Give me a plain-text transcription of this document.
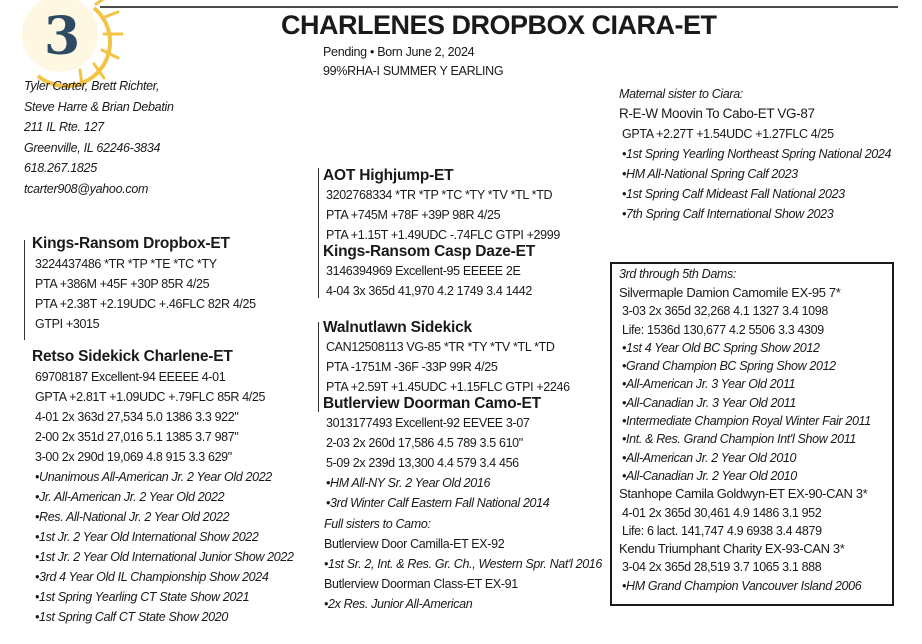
3	CHARLENES DROPBOX CIARA-ET
Pending • Born June 2, 2024
99%RHA-I SUMMER Y EARLING
Tyler Carter, Brett Richter,
Steve Harre & Brian Debatin
211 IL Rte. 127
Greenville, IL 62246-3834
618.267.1825
tcarter908@yahoo.com
Kings-Ransom Dropbox-ET
3224437486 *TR *TP *TE *TC *TY
PTA +386M +45F +30P 85R 4/25
PTA +2.38T +2.19UDC +.46FLC 82R 4/25
GTPI +3015
Retso Sidekick Charlene-ET
69708187 Excellent-94 EEEEE 4-01
GPTA +2.81T +1.09UDC +.79FLC 85R 4/25
4-01 2x 363d 27,534 5.0 1386 3.3 922"
2-00 2x 351d 27,016 5.1 1385 3.7 987"
3-00 2x 290d 19,069 4.8 915 3.3 629"
•Unanimous All-American Jr. 2 Year Old 2022
•Jr. All-American Jr. 2 Year Old 2022
•Res. All-National Jr. 2 Year Old 2022
•1st Jr. 2 Year Old International Show 2022
•1st Jr. 2 Year Old International Junior Show 2022
•3rd 4 Year Old IL Championship Show 2024
•1st Spring Yearling CT State Show 2021
•1st Spring Calf CT State Show 2020
AOT Highjump-ET
3202768334 *TR *TP *TC *TY *TV *TL *TD
PTA +745M +78F +39P 98R 4/25
PTA +1.15T +1.49UDC -.74FLC GTPI +2999
Kings-Ransom Casp Daze-ET
3146394969 Excellent-95 EEEEE 2E
4-04 3x 365d 41,970 4.2 1749 3.4 1442
Walnutlawn Sidekick
CAN12508113 VG-85 *TR *TY *TV *TL *TD
PTA -1751M -36F -33P 99R 4/25
PTA +2.59T +1.45UDC +1.15FLC GTPI +2246
Butlerview Doorman Camo-ET
3013177493 Excellent-92 EEVEE 3-07
2-03 2x 260d 17,586 4.5 789 3.5 610"
5-09 2x 239d 13,300 4.4 579 3.4 456
•HM All-NY Sr. 2 Year Old 2016
•3rd Winter Calf Eastern Fall National 2014
Full sisters to Camo:
Butlerview Door Camilla-ET EX-92
•1st Sr. 2, Int. & Res. Gr. Ch., Western Spr. Nat'l 2016
Butlerview Doorman Class-ET EX-91
•2x Res. Junior All-American
Maternal sister to Ciara:
R-E-W Moovin To Cabo-ET VG-87
GPTA +2.27T +1.54UDC +1.27FLC 4/25
•1st Spring Yearling Northeast Spring National 2024
•HM All-National Spring Calf 2023
•1st Spring Calf Mideast Fall National 2023
•7th Spring Calf International Show 2023
3rd through 5th Dams:
Silvermaple Damion Camomile EX-95 7*
3-03 2x 365d 32,268 4.1 1327 3.4 1098
Life: 1536d 130,677 4.2 5506 3.3 4309
•1st 4 Year Old BC Spring Show 2012
•Grand Champion BC Spring Show 2012
•All-American Jr. 3 Year Old 2011
•All-Canadian Jr. 3 Year Old 2011
•Intermediate Champion Royal Winter Fair 2011
•Int. & Res. Grand Champion Int'l Show 2011
•All-American Jr. 2 Year Old 2010
•All-Canadian Jr. 2 Year Old 2010
Stanhope Camila Goldwyn-ET EX-90-CAN 3*
4-01 2x 365d 30,461 4.9 1486 3.1 952
Life: 6 lact. 141,747 4.9 6938 3.4 4879
Kendu Triumphant Charity EX-93-CAN 3*
3-04 2x 365d 28,519 3.7 1065 3.1 888
•HM Grand Champion Vancouver Island 2006
